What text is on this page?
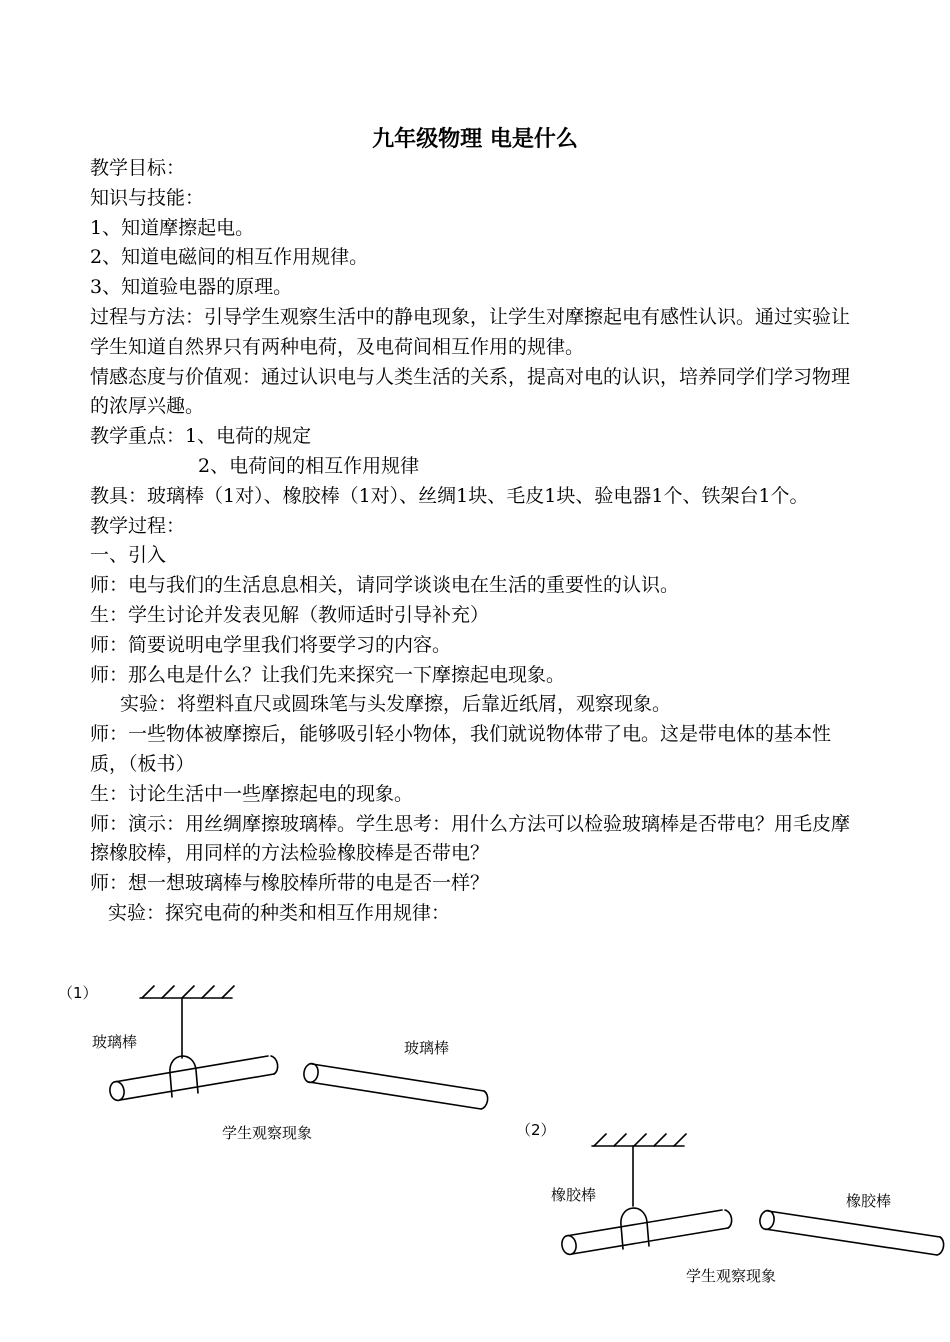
九年级物理 电是什么

教学目标：

知识与技能：

1、知道摩擦起电。

2、知道电磁间的相互作用规律。

3、知道验电器的原理。

过程与方法：引导学生观察生活中的静电现象，让学生对摩擦起电有感性认识。通过实验让学生知道自然界只有两种电荷，及电荷间相互作用的规律。

情感态度与价值观：通过认识电与人类生活的关系，提高对电的认识，培养同学们学习物理的浓厚兴趣。

教学重点：1、电荷的规定

2、电荷间的相互作用规律

教具：玻璃棒（1对）、橡胶棒（1对）、丝绸1块、毛皮1块、验电器1个、铁架台1个。

教学过程：

一、引入

师：电与我们的生活息息相关，请同学谈谈电在生活的重要性的认识。

生：学生讨论并发表见解（教师适时引导补充）

师：简要说明电学里我们将要学习的内容。

师：那么电是什么？让我们先来探究一下摩擦起电现象。

实验：将塑料直尺或圆珠笔与头发摩擦，后靠近纸屑，观察现象。

师：一些物体被摩擦后，能够吸引轻小物体，我们就说物体带了电。这是带电体的基本性质，（板书）

生：讨论生活中一些摩擦起电的现象。

师：演示：用丝绸摩擦玻璃棒。学生思考：用什么方法可以检验玻璃棒是否带电？用毛皮摩擦橡胶棒，用同样的方法检验橡胶棒是否带电？

师：想一想玻璃棒与橡胶棒所带的电是否一样？

实验：探究电荷的种类和相互作用规律：

（1）
玻璃棒	玻璃棒
学生观察现象	（2）
橡胶棒	橡胶棒
学生观察现象
